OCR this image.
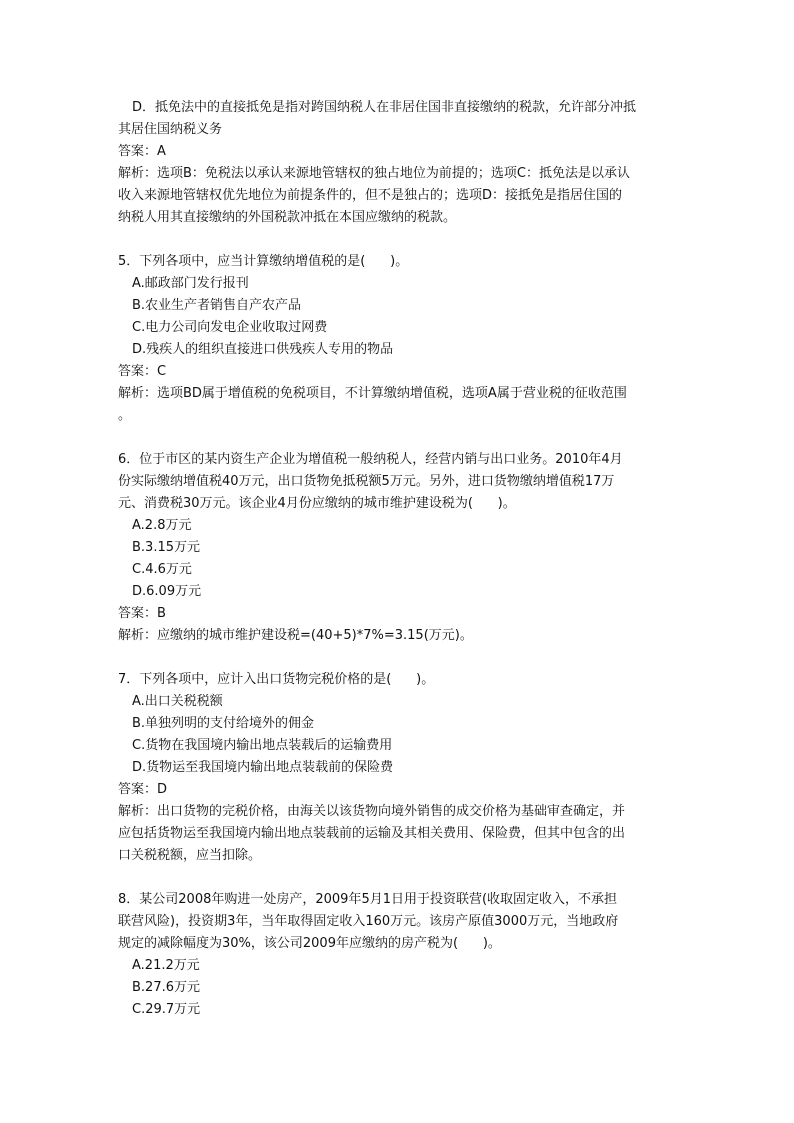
D．抵免法中的直接抵免是指对跨国纳税人在非居住国非直接缴纳的税款，允许部分冲抵
其居住国纳税义务
答案：A
解析：选项B：免税法以承认来源地管辖权的独占地位为前提的；选项C：抵免法是以承认
收入来源地管辖权优先地位为前提条件的，但不是独占的；选项D：接抵免是指居住国的
纳税人用其直接缴纳的外国税款冲抵在本国应缴纳的税款。
5．下列各项中，应当计算缴纳增值税的是(      )。
A.邮政部门发行报刊
B.农业生产者销售自产农产品
C.电力公司向发电企业收取过网费
D.残疾人的组织直接进口供残疾人专用的物品
答案：C
解析：选项BD属于增值税的免税项目，不计算缴纳增值税，选项A属于营业税的征收范围
。
6．位于市区的某内资生产企业为增值税一般纳税人，经营内销与出口业务。2010年4月
份实际缴纳增值税40万元，出口货物免抵税额5万元。另外，进口货物缴纳增值税17万
元、消费税30万元。该企业4月份应缴纳的城市维护建设税为(      )。
A.2.8万元
B.3.15万元
C.4.6万元
D.6.09万元
答案：B
解析：应缴纳的城市维护建设税=(40+5)*7%=3.15(万元)。
7．下列各项中，应计入出口货物完税价格的是(      )。
A.出口关税税额
B.单独列明的支付给境外的佣金
C.货物在我国境内输出地点装载后的运输费用
D.货物运至我国境内输出地点装载前的保险费
答案：D
解析：出口货物的完税价格，由海关以该货物向境外销售的成交价格为基础审查确定，并
应包括货物运至我国境内输出地点装载前的运输及其相关费用、保险费，但其中包含的出
口关税税额，应当扣除。
8．某公司2008年购进一处房产，2009年5月1日用于投资联营(收取固定收入，不承担
联营风险)，投资期3年，当年取得固定收入160万元。该房产原值3000万元，当地政府
规定的减除幅度为30%，该公司2009年应缴纳的房产税为(      )。
A.21.2万元
B.27.6万元
C.29.7万元
